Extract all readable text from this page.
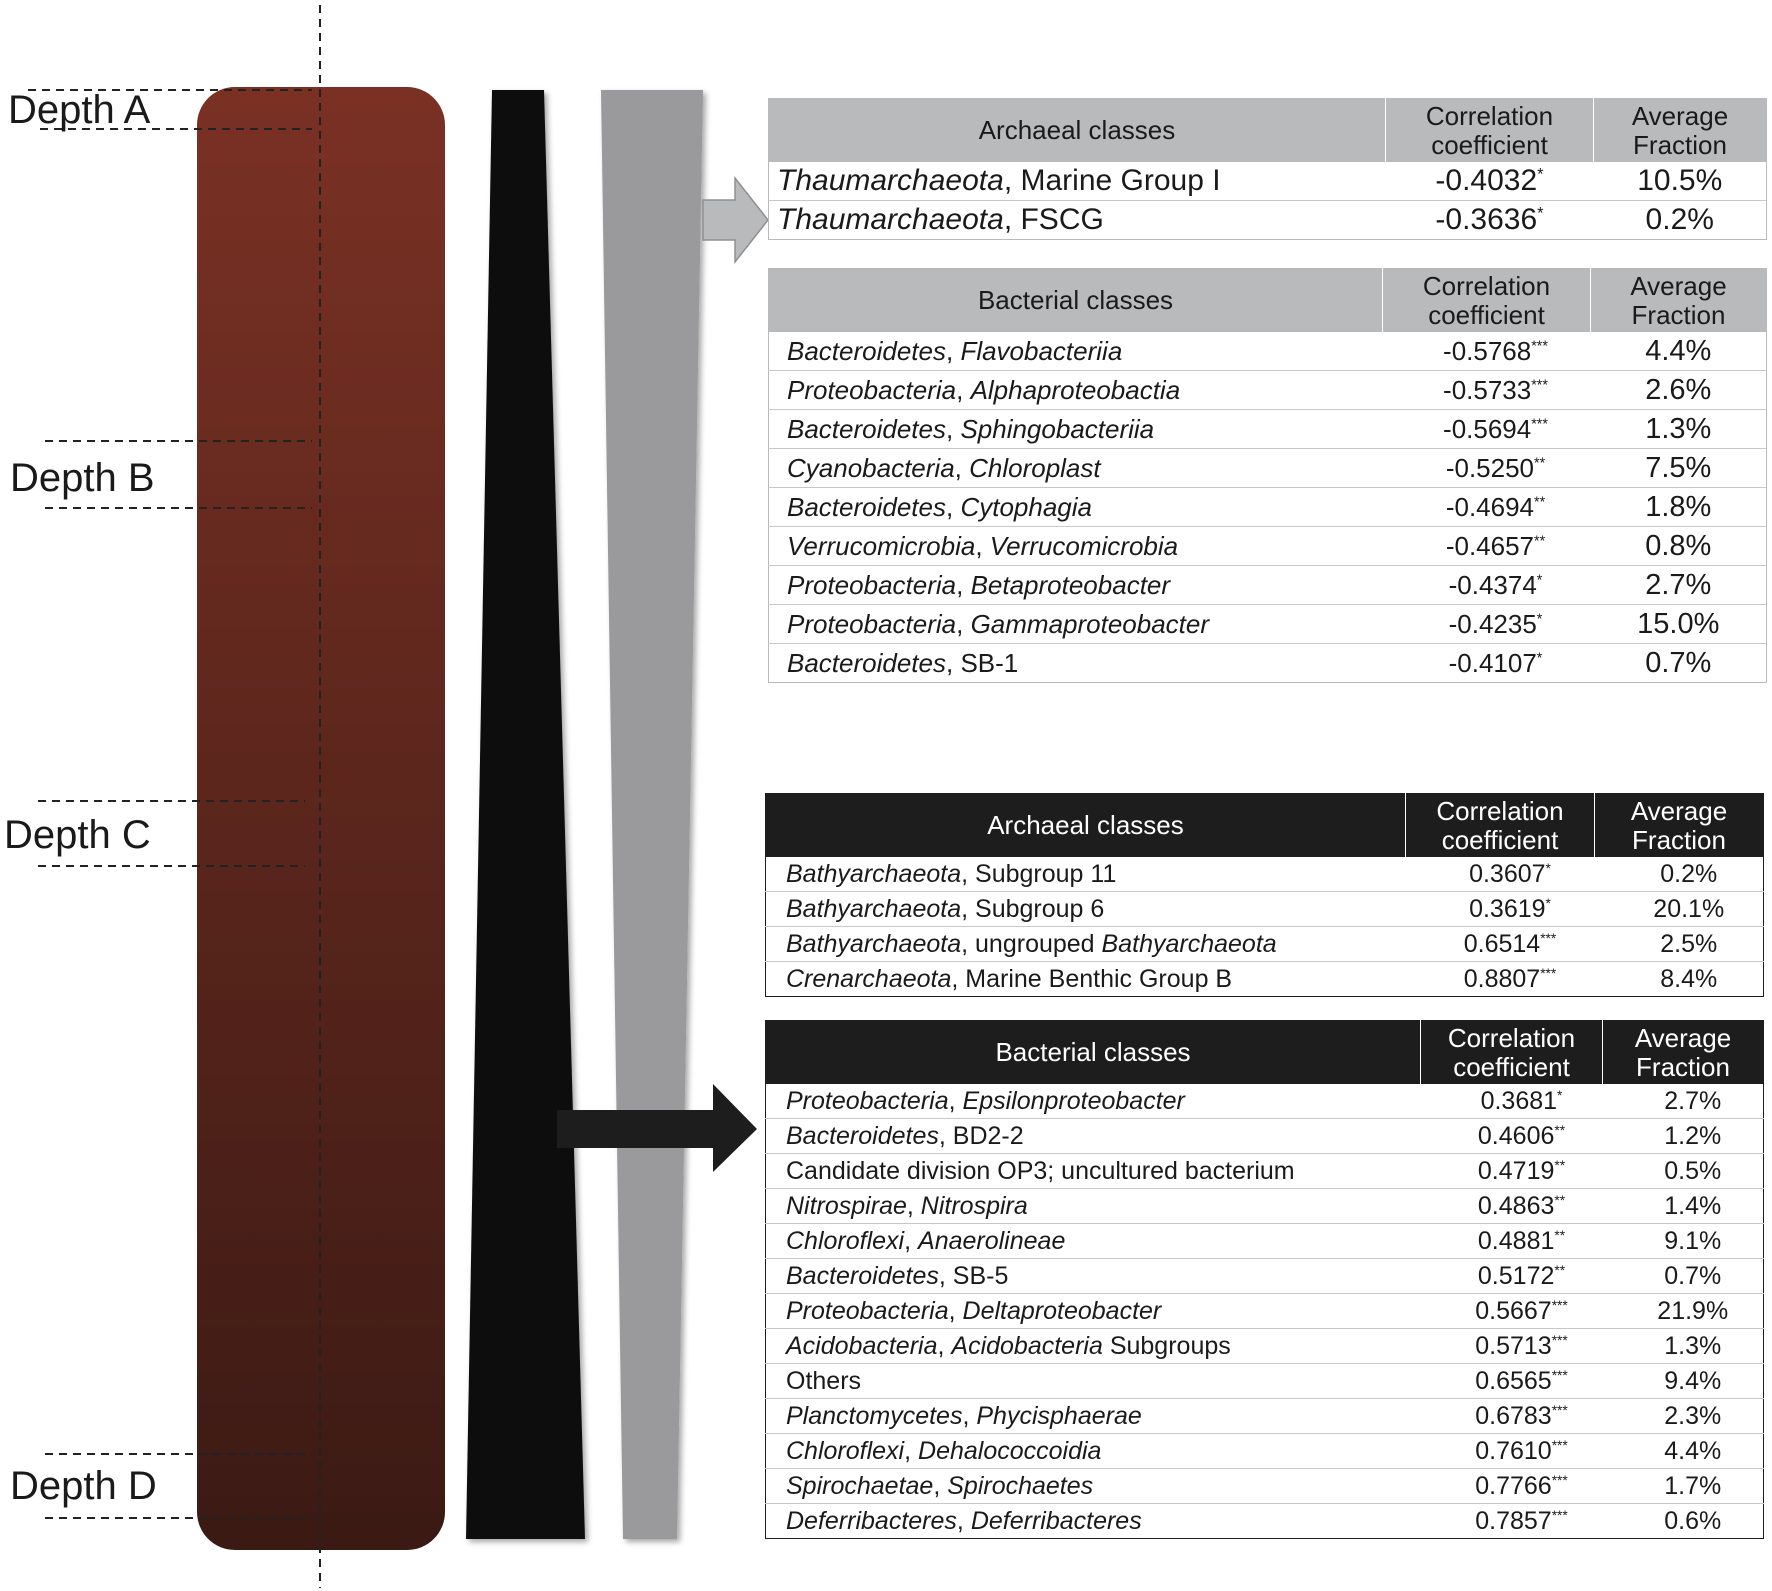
Depth A
Depth B
Depth C
Depth D
Archaeal classes	Correlation coefficient	Average Fraction
Thaumarchaeota, Marine Group I	-0.4032*	10.5%
Thaumarchaeota, FSCG	-0.3636*	0.2%
Bacterial classes	Correlation coefficient	Average Fraction
Bacteroidetes, Flavobacteriia	-0.5768***	4.4%
Proteobacteria, Alphaproteobactia	-0.5733***	2.6%
Bacteroidetes, Sphingobacteriia	-0.5694***	1.3%
Cyanobacteria, Chloroplast	-0.5250**	7.5%
Bacteroidetes, Cytophagia	-0.4694**	1.8%
Verrucomicrobia, Verrucomicrobia	-0.4657**	0.8%
Proteobacteria, Betaproteobacter	-0.4374*	2.7%
Proteobacteria, Gammaproteobacter	-0.4235*	15.0%
Bacteroidetes, SB-1	-0.4107*	0.7%
Archaeal classes	Correlation coefficient	Average Fraction
Bathyarchaeota, Subgroup 11	0.3607*	0.2%
Bathyarchaeota, Subgroup 6	0.3619*	20.1%
Bathyarchaeota, ungrouped Bathyarchaeota	0.6514***	2.5%
Crenarchaeota, Marine Benthic Group B	0.8807***	8.4%
Bacterial classes	Correlation coefficient	Average Fraction
Proteobacteria, Epsilonproteobacter	0.3681*	2.7%
Bacteroidetes, BD2-2	0.4606**	1.2%
Candidate division OP3; uncultured bacterium	0.4719**	0.5%
Nitrospirae, Nitrospira	0.4863**	1.4%
Chloroflexi, Anaerolineae	0.4881**	9.1%
Bacteroidetes, SB-5	0.5172**	0.7%
Proteobacteria, Deltaproteobacter	0.5667***	21.9%
Acidobacteria, Acidobacteria Subgroups	0.5713***	1.3%
Others	0.6565***	9.4%
Planctomycetes, Phycisphaerae	0.6783***	2.3%
Chloroflexi, Dehalococcoidia	0.7610***	4.4%
Spirochaetae, Spirochaetes	0.7766***	1.7%
Deferribacteres, Deferribacteres	0.7857***	0.6%
